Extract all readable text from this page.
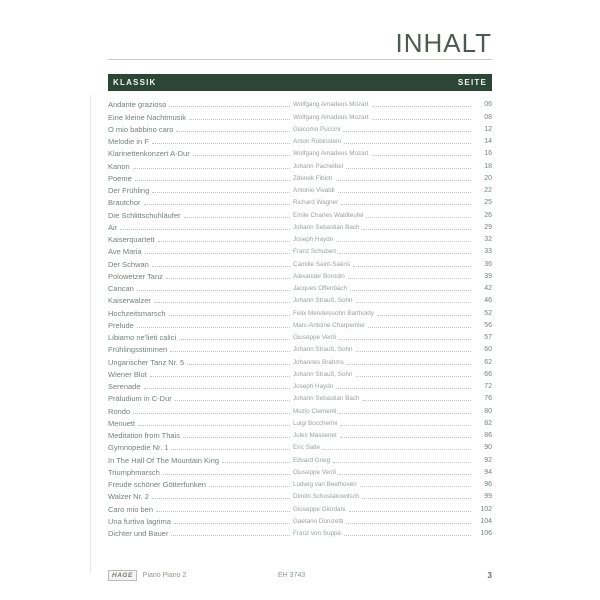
INHALT
KLASSIK	SEITE
Andante grazioso	Wolfgang Amadeus Mozart	06
Eine kleine Nachtmusik	Wolfgang Amadeus Mozart	08
O mio babbino caro	Giacomo Puccini	12
Melodie in F	Anton Rubinstein	14
Klarinettenkonzert A-Dur	Wolfgang Amadeus Mozart	16
Kanon	Johann Pachelbel	18
Poeme	Zdenek Fibich	20
Der Frühling	Antonio Vivaldi	22
Brautchor	Richard Wagner	25
Die Schlittschuhläufer	Emile Charles Waldteufel	26
Air	Johann Sebastian Bach	29
Kaiserquartett	Joseph Haydn	32
Ave Maria	Franz Schubert	33
Der Schwan	Camille Saint-Saëns	36
Polowetzer Tanz	Alexander Borodin	39
Cancan	Jacques Offenbach	42
Kaiserwalzer	Johann Strauß, Sohn	46
Hochzeitsmarsch	Felix Mendelssohn Bartholdy	52
Prelude	Marc-Antoine Charpentier	56
Libiamo ne'lieti calici	Giuseppe Verdi	57
Frühlingsstimmen	Johann Strauß, Sohn	60
Ungarischer Tanz Nr. 5	Johannes Brahms	62
Wiener Blut	Johann Strauß, Sohn	66
Serenade	Joseph Haydn	72
Präludium in C-Dur	Johann Sebastian Bach	76
Rondo	Muzio Clementi	80
Menuett	Luigi Boccherini	82
Meditation from Thais	Jules Massenet	86
Gymnopedie Nr. 1	Eric Satie	90
In The Hall Of The Mountain King	Edvard Grieg	92
Triumphmarsch	Giuseppe Verdi	94
Freude schöner Götterfunken	Ludwig van Beethoven	96
Walzer Nr. 2	Dimitri Schostakowitsch	99
Caro mio ben	Giuseppe Giordani	102
Una furtiva lagrima	Gaetano Donizetti	104
Dichter und Bauer	Franz von Suppé	106
HAGE	Piano Piano 2	EH 3743	3
